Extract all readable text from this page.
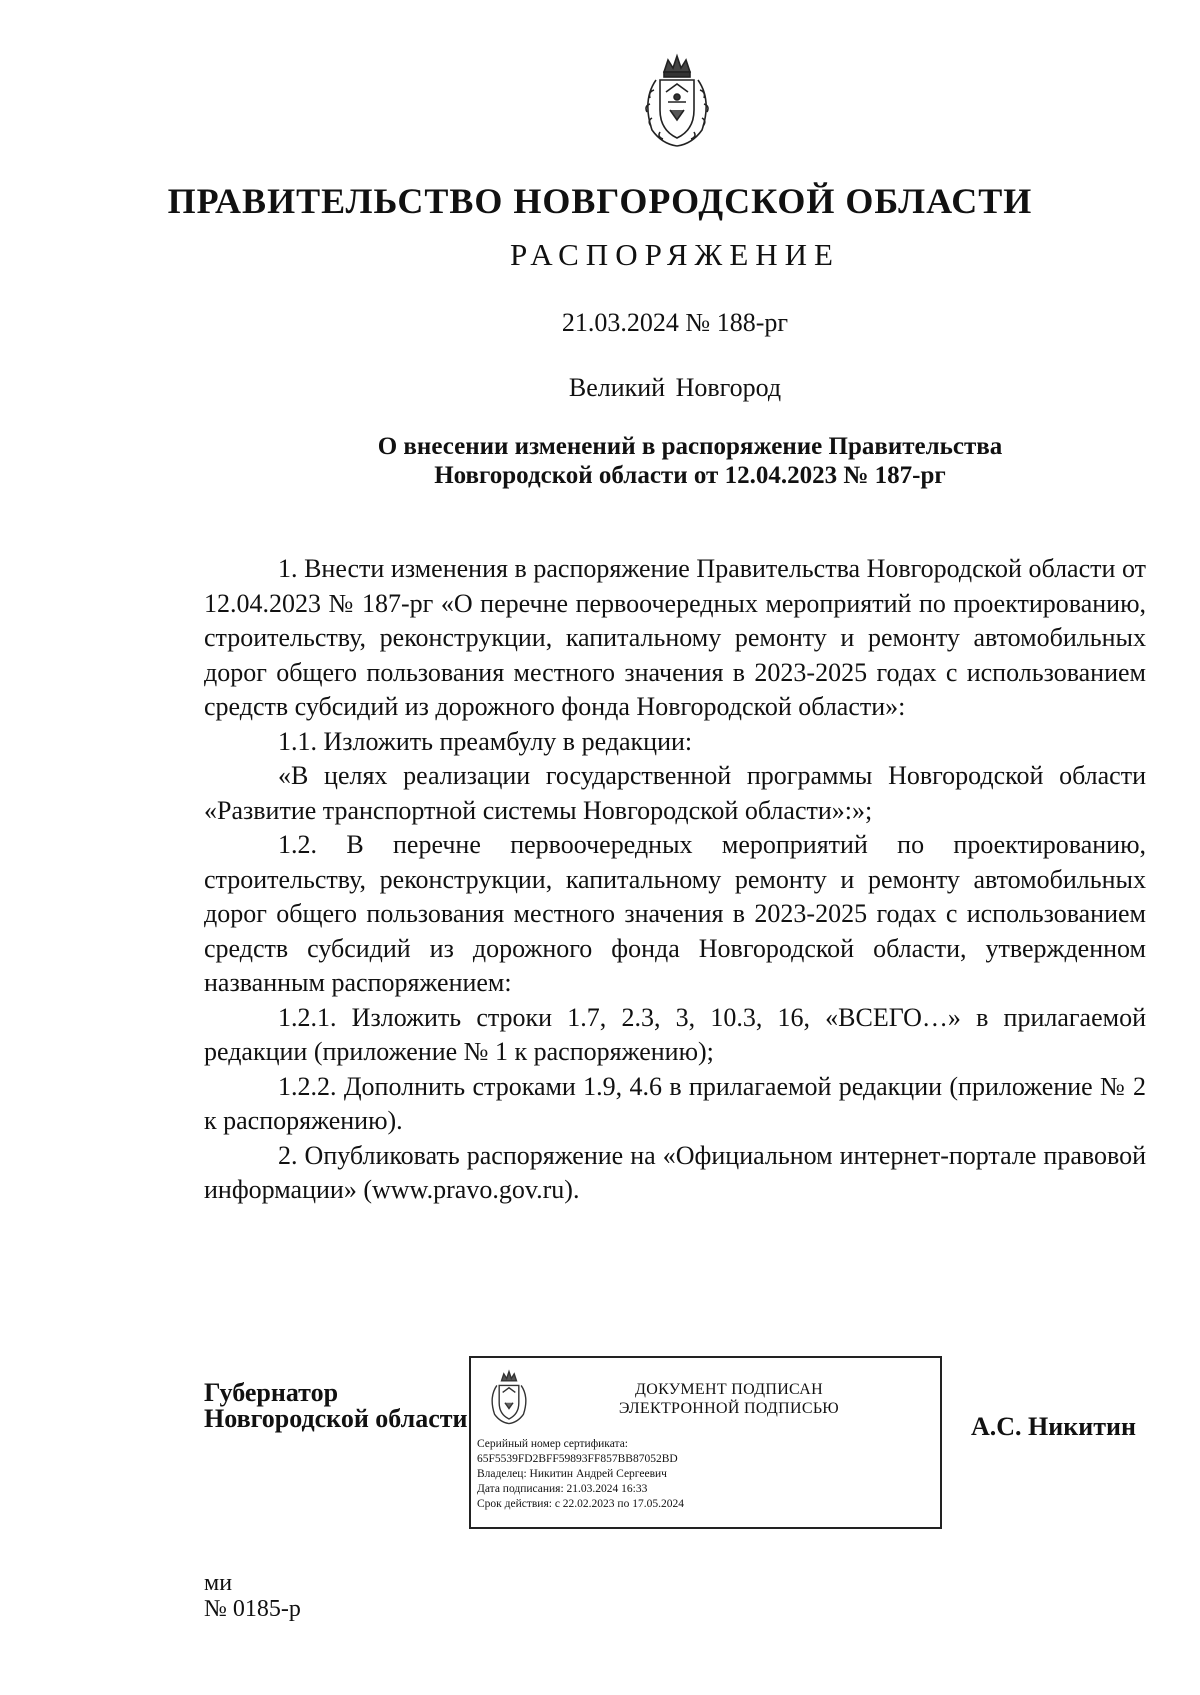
ПРАВИТЕЛЬСТВО НОВГОРОДСКОЙ ОБЛАСТИ
РАСПОРЯЖЕНИЕ
21.03.2024 № 188-рг
Великий Новгород
О внесении изменений в распоряжение Правительства
Новгородской области от 12.04.2023 № 187-рг

1. Внести изменения в распоряжение Правительства Новгородской области от 12.04.2023 № 187-рг «О перечне первоочередных мероприятий по проектированию, строительству, реконструкции, капитальному ремонту и ремонту автомобильных дорог общего пользования местного значения в 2023-2025 годах с использованием средств субсидий из дорожного фонда Новгородской области»:

1.1. Изложить преамбулу в редакции:

«В целях реализации государственной программы Новгородской области «Развитие транспортной системы Новгородской области»:»;

1.2. В перечне первоочередных мероприятий по проектированию, строительству, реконструкции, капитальному ремонту и ремонту автомобильных дорог общего пользования местного значения в 2023-2025 годах с использованием средств субсидий из дорожного фонда Новгородской области, утвержденном названным распоряжением:

1.2.1. Изложить строки 1.7, 2.3, 3, 10.3, 16, «ВСЕГО…» в прилагаемой редакции (приложение № 1 к распоряжению);

1.2.2. Дополнить строками 1.9, 4.6 в прилагаемой редакции (приложение № 2 к распоряжению).

2. Опубликовать распоряжение на «Официальном интернет-портале правовой информации» (www.pravo.gov.ru).

Губернатор
Новгородской области
ДОКУМЕНТ ПОДПИСАН
ЭЛЕКТРОННОЙ ПОДПИСЬЮ
Серийный номер сертификата:
65F5539FD2BFF59893FF857BB87052BD
Владелец: Никитин Андрей Сергеевич
Дата подписания: 21.03.2024 16:33
Срок действия: с 22.02.2023 по 17.05.2024
А.С. Никитин
ми
№ 0185-р
